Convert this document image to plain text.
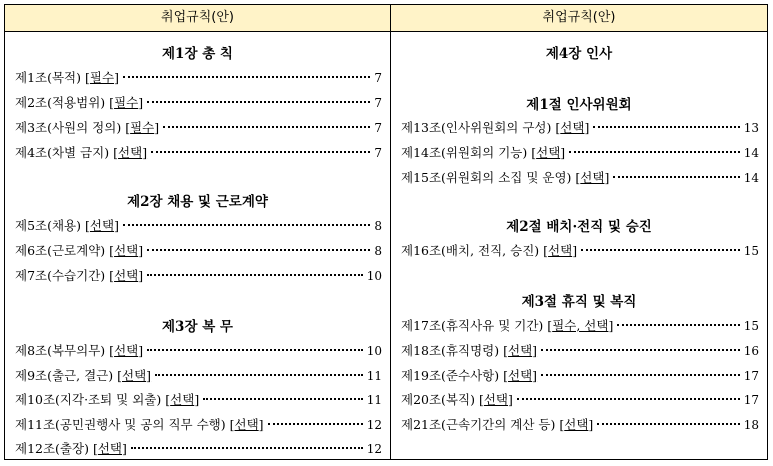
취업규칙(안)
제1장 총 칙
제1조(목적) [ 필수 ]	7
제2조(적용범위) [ 필수 ]	7
제3조(사원의 정의) [ 필수 ]	7
제4조(차별 금지) [ 선택 ]	7
제2장 채용 및 근로계약
제5조(채용) [ 선택 ]	8
제6조(근로계약) [ 선택 ]	8
제7조(수습기간) [ 선택 ]	10
제3장 복 무
제8조(복무의무) [ 선택 ]	10
제9조(출근, 결근) [ 선택 ]	11
제10조(지각·조퇴 및 외출) [ 선택 ]	11
제11조(공민권행사 및 공의 직무 수행) [ 선택 ]	12
제12조(출장) [ 선택 ]	12
취업규칙(안)
제4장 인사
제1절 인사위원회
제13조(인사위원회의 구성) [ 선택 ]	13
제14조(위원회의 기능) [ 선택 ]	14
제15조(위원회의 소집 및 운영) [ 선택 ]	14
제2절 배치·전직 및 승진
제16조(배치, 전직, 승진) [ 선택 ]	15
제3절 휴직 및 복직
제17조(휴직사유 및 기간) [ 필수, 선택 ]	15
제18조(휴직명령) [ 선택 ]	16
제19조(준수사항) [ 선택 ]	17
제20조(복직) [ 선택 ]	17
제21조(근속기간의 계산 등) [ 선택 ]	18
